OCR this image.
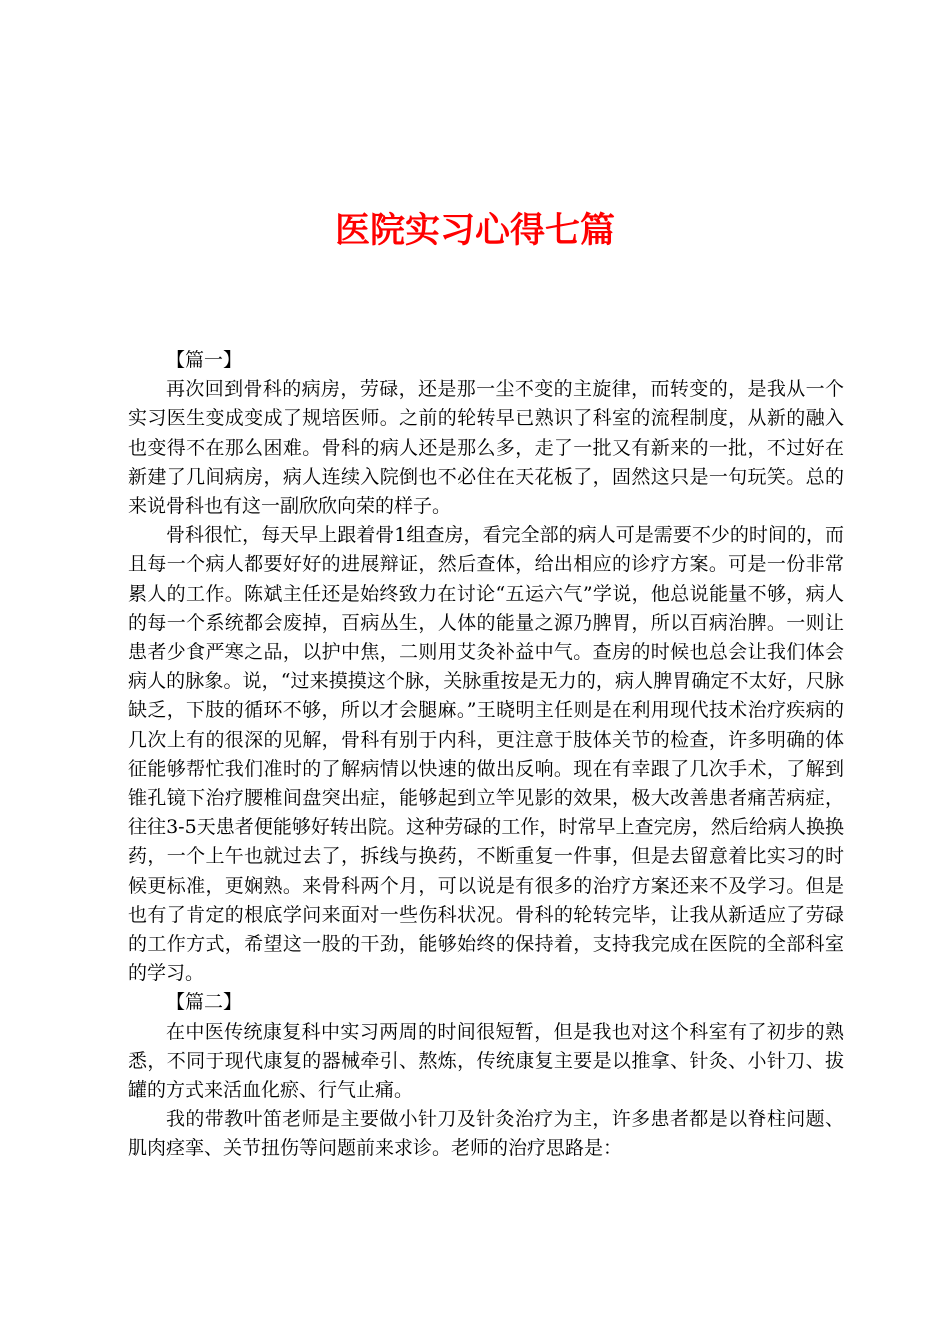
医院实习心得七篇

【篇一】

再次回到骨科的病房，劳碌，还是那一尘不变的主旋律，而转变的，是我从一个实习医生变成变成了规培医师。之前的轮转早已熟识了科室的流程制度，从新的融入也变得不在那么困难。骨科的病人还是那么多，走了一批又有新来的一批，不过好在新建了几间病房，病人连续入院倒也不必住在天花板了，固然这只是一句玩笑。总的来说骨科也有这一副欣欣向荣的样子。

骨科很忙，每天早上跟着骨1组查房，看完全部的病人可是需要不少的时间的，而且每一个病人都要好好的进展辩证，然后查体，给出相应的诊疗方案。可是一份非常累人的工作。陈斌主任还是始终致力在讨论“五运六气”学说，他总说能量不够，病人的每一个系统都会废掉，百病丛生，人体的能量之源乃脾胃，所以百病治脾。一则让患者少食严寒之品，以护中焦，二则用艾灸补益中气。查房的时候也总会让我们体会病人的脉象。说，“过来摸摸这个脉，关脉重按是无力的，病人脾胃确定不太好，尺脉缺乏，下肢的循环不够，所以才会腿麻。”王晓明主任则是在利用现代技术治疗疾病的几次上有的很深的见解，骨科有别于内科，更注意于肢体关节的检查，许多明确的体征能够帮忙我们准时的了解病情以快速的做出反响。现在有幸跟了几次手术，了解到锥孔镜下治疗腰椎间盘突出症，能够起到立竿见影的效果，极大改善患者痛苦病症，往往3-5天患者便能够好转出院。这种劳碌的工作，时常早上查完房，然后给病人换换药，一个上午也就过去了，拆线与换药，不断重复一件事，但是去留意着比实习的时候更标准，更娴熟。来骨科两个月，可以说是有很多的治疗方案还来不及学习。但是也有了肯定的根底学问来面对一些伤科状况。骨科的轮转完毕，让我从新适应了劳碌的工作方式，希望这一股的干劲，能够始终的保持着，支持我完成在医院的全部科室的学习。

【篇二】

在中医传统康复科中实习两周的时间很短暂，但是我也对这个科室有了初步的熟悉，不同于现代康复的器械牵引、熬炼，传统康复主要是以推拿、针灸、小针刀、拔罐的方式来活血化瘀、行气止痛。

我的带教叶笛老师是主要做小针刀及针灸治疗为主，许多患者都是以脊柱问题、肌肉痉挛、关节扭伤等问题前来求诊。老师的治疗思路是：
